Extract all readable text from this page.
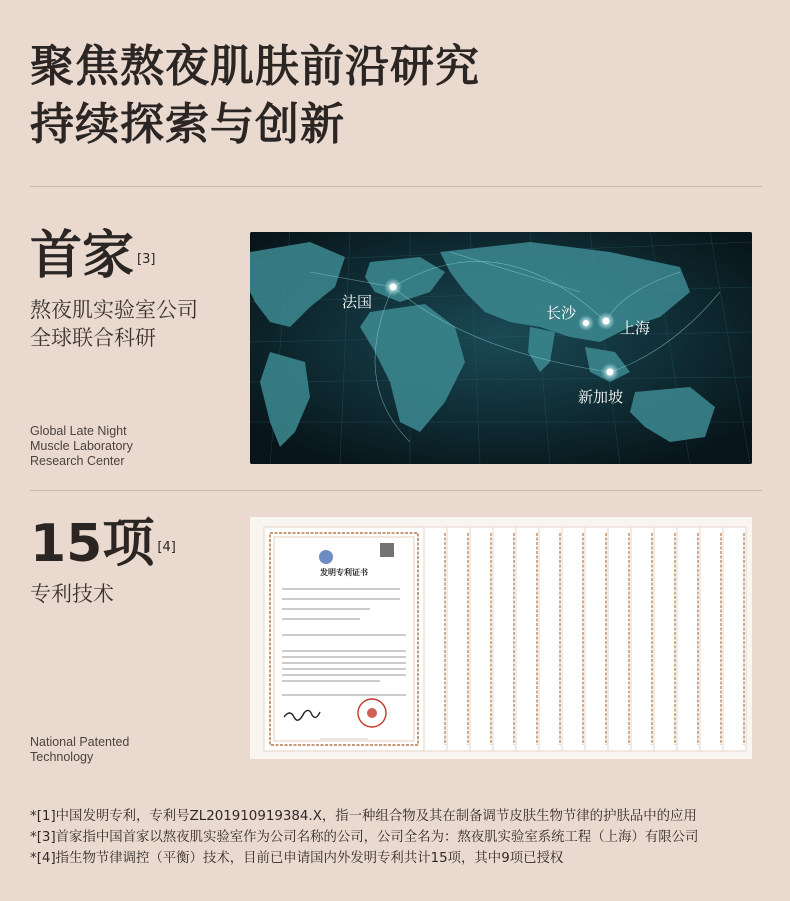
聚焦熬夜肌肤前沿研究
持续探索与创新
首家 [3]
熬夜肌实验室公司
全球联合科研
Global Late Night
Muscle Laboratory
Research Center
法国
长沙
上海
新加坡
15项 [4]
专利技术
National Patented
Technology
发明专利证书
*[1]中国发明专利，专利号ZL201910919384.X，指一种组合物及其在制备调节皮肤生物节律的护肤品中的应用
*[3]首家指中国首家以熬夜肌实验室作为公司名称的公司，公司全名为：熬夜肌实验室系统工程（上海）有限公司
*[4]指生物节律调控（平衡）技术，目前已申请国内外发明专利共计15项，其中9项已授权
